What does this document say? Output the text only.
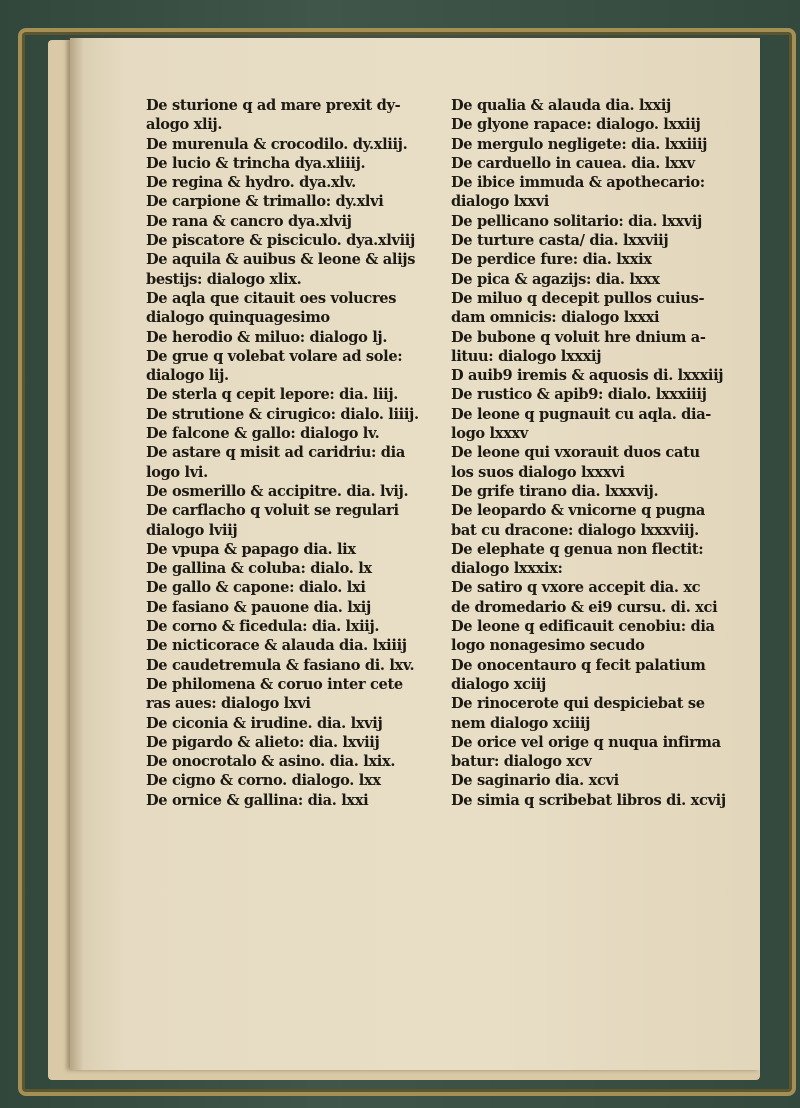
De sturione q ad mare prexit dy-
alogo xlij.
De murenula & crocodilo. dy.xliij.
De lucio & trincha dya.xliiij.
De regina & hydro. dya.xlv.
De carpione & trimallo: dy.xlvi
De rana & cancro dya.xlvij
De piscatore & pisciculo. dya.xlviij
De aquila & auibus & leone & alijs
bestijs: dialogo xlix.
De aqla que citauit oes volucres
dialogo quinquagesimo
De herodio & miluo: dialogo lj.
De grue q volebat volare ad sole:
dialogo lij.
De sterla q cepit lepore: dia. liij.
De strutione & cirugico: dialo. liiij.
De falcone & gallo: dialogo lv.
De astare q misit ad caridriu: dia
logo lvi.
De osmerillo & accipitre. dia. lvij.
De carflacho q voluit se regulari
dialogo lviij
De vpupa & papago dia. lix
De gallina & coluba: dialo. lx
De gallo & capone: dialo. lxi
De fasiano & pauone dia. lxij
De corno & ficedula: dia. lxiij.
De nicticorace & alauda dia. lxiiij
De caudetremula & fasiano di. lxv.
De philomena & coruo inter cete
ras aues: dialogo lxvi
De ciconia & irudine. dia. lxvij
De pigardo & alieto: dia. lxviij
De onocrotalo & asino. dia. lxix.
De cigno & corno. dialogo. lxx
De ornice & gallina: dia. lxxi
De qualia & alauda dia. lxxij
De glyone rapace: dialogo. lxxiij
De mergulo negligete: dia. lxxiiij
De carduello in cauea. dia. lxxv
De ibice immuda & apothecario:
dialogo lxxvi
De pellicano solitario: dia. lxxvij
De turture casta/ dia. lxxviij
De perdice fure: dia. lxxix
De pica & agazijs: dia. lxxx
De miluo q decepit pullos cuius-
dam omnicis: dialogo lxxxi
De bubone q voluit hre dnium a-
lituu: dialogo lxxxij
D auib9 iremis & aquosis di. lxxxiij
De rustico & apib9: dialo. lxxxiiij
De leone q pugnauit cu aqla. dia-
logo lxxxv
De leone qui vxorauit duos catu
los suos dialogo lxxxvi
De grife tirano dia. lxxxvij.
De leopardo & vnicorne q pugna
bat cu dracone: dialogo lxxxviij.
De elephate q genua non flectit:
dialogo lxxxix:
De satiro q vxore accepit dia. xc
de dromedario & ei9 cursu. di. xci
De leone q edificauit cenobiu: dia
logo nonagesimo secudo
De onocentauro q fecit palatium
dialogo xciij
De rinocerote qui despiciebat se
nem dialogo xciiij
De orice vel orige q nuqua infirma
batur: dialogo xcv
De saginario dia. xcvi
De simia q scribebat libros di. xcvij
